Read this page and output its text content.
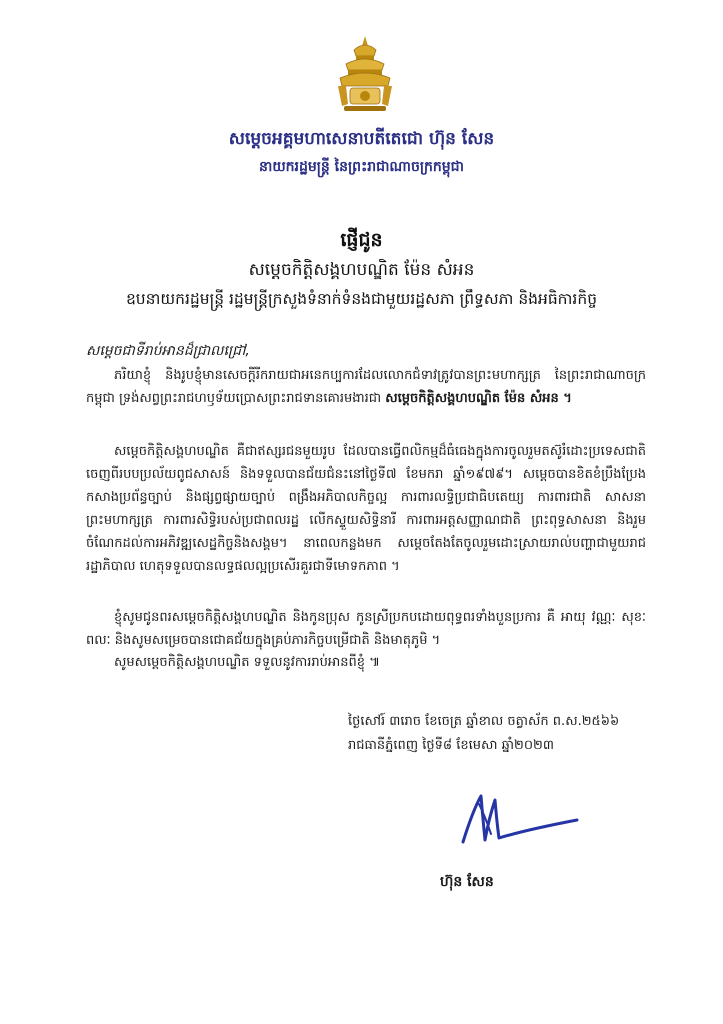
សម្តេចអគ្គមហាសេនាបតីតេជោ ហ៊ុន សែន
នាយករដ្ឋមន្ត្រី នៃព្រះរាជាណាចក្រកម្ពុជា
ផ្ញើជូន
សម្តេចកិត្តិសង្គហបណ្ឌិត ម៉ែន សំអន
ឧបនាយករដ្ឋមន្ត្រី រដ្ឋមន្ត្រីក្រសួងទំនាក់ទំនងជាមួយរដ្ឋសភា ព្រឹទ្ធសភា និងអធិការកិច្ច
សម្តេចជាទីរាប់អានដ៏ជ្រាលជ្រៅ,
ភរិយាខ្ញុំ និងរូបខ្ញុំមានសេចក្តីរីករាយជាអនេកប្បការដែលលោកជំទាវត្រូវបានព្រះមហាក្សត្រ នៃព្រះរាជាណាចក្រកម្ពុជា ទ្រង់សព្វព្រះរាជហឫទ័យប្រោសព្រះរាជទានគោរមងារជា សម្តេចកិត្តិសង្គហបណ្ឌិត ម៉ែន សំអន ។
សម្តេចកិត្តិសង្គហបណ្ឌិត គឺជាឥស្សរជនមួយរូប ដែលបានធ្វើពលិកម្មដ៏ធំធេងក្នុងការចូលរួមតស៊ូរំដោះប្រទេសជាតិចេញពីរបបប្រល័យពូជសាសន៍ និងទទួលបានជ័យជំនះនៅថ្ងៃទី៧ ខែមករា ឆ្នាំ១៩៧៩។ សម្តេចបានខិតខំប្រឹងប្រែងកសាងប្រព័ន្ធច្បាប់ និងផ្សព្វផ្សាយច្បាប់ ពង្រឹងអភិបាលកិច្ចល្អ ការពារលទ្ធិប្រជាធិបតេយ្យ ការពារជាតិ សាសនា ព្រះមហាក្សត្រ ការពារសិទ្ធិរបស់ប្រជាពលរដ្ឋ លើកស្ទួយសិទ្ធិនារី ការពារអត្តសញ្ញាណជាតិ ព្រះពុទ្ធសាសនា និងរួមចំណែកដល់ការអភិវឌ្ឍសេដ្ឋកិច្ចនិងសង្គម។ នាពេលកន្លងមក សម្តេចតែងតែចូលរួមដោះស្រាយរាល់បញ្ហាជាមួយរាជរដ្ឋាភិបាល ហេតុទទួលបានលទ្ធផលល្អប្រសើរគួរជាទីមោទកភាព ។
ខ្ញុំសូមជូនពរសម្តេចកិត្តិសង្គហបណ្ឌិត និងកូនប្រុស កូនស្រីប្រកបដោយពុទ្ធពរទាំងបួនប្រការ គឺ អាយុ វណ្ណៈ សុខៈ ពលៈ និងសូមសម្រេចបានជោគជ័យក្នុងគ្រប់ភារកិច្ចបម្រើជាតិ និងមាតុភូមិ ។
សូមសម្តេចកិត្តិសង្គហបណ្ឌិត ទទួលនូវការរាប់អានពីខ្ញុំ ៕
ថ្ងៃសៅរ៍ ៣រោច ខែចេត្រ ឆ្នាំខាល ចត្វាស័ក ព.ស.២៥៦៦
រាជធានីភ្នំពេញ ថ្ងៃទី៨ ខែមេសា ឆ្នាំ២០២៣
ហ៊ុន សែន
